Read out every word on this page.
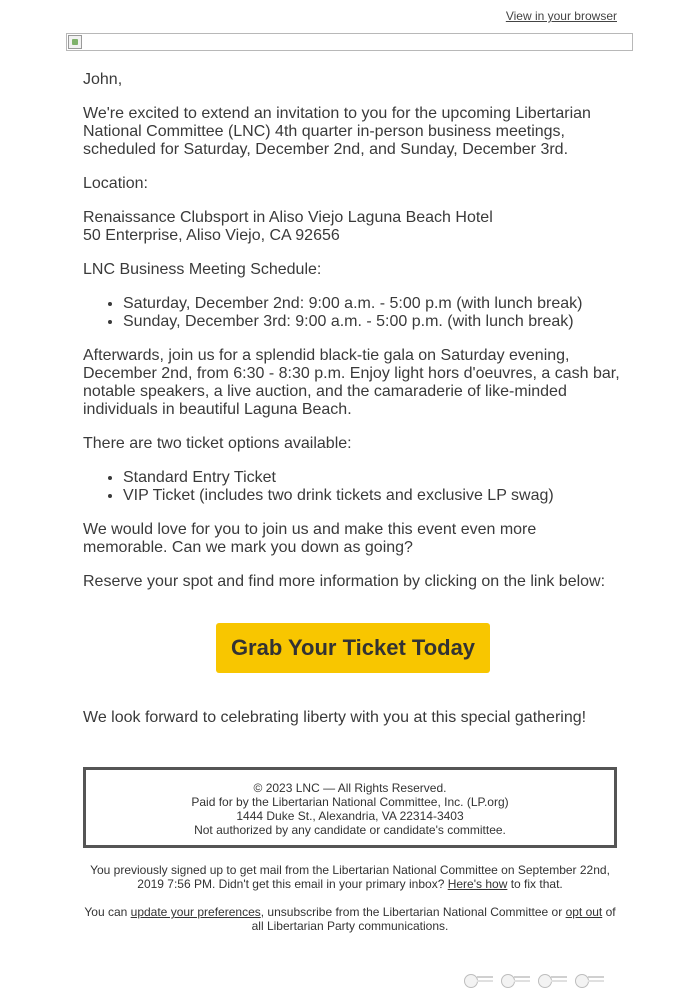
View in your browser

John,

We're excited to extend an invitation to you for the upcoming Libertarian National Committee (LNC) 4th quarter in-person business meetings, scheduled for Saturday, December 2nd, and Sunday, December 3rd.

Location:

Renaissance Clubsport in Aliso Viejo Laguna Beach Hotel
50 Enterprise, Aliso Viejo, CA 92656

LNC Business Meeting Schedule:

• Saturday, December 2nd: 9:00 a.m. - 5:00 p.m (with lunch break)
• Sunday, December 3rd: 9:00 a.m. - 5:00 p.m. (with lunch break)

Afterwards, join us for a splendid black-tie gala on Saturday evening, December 2nd, from 6:30 - 8:30 p.m. Enjoy light hors d'oeuvres, a cash bar, notable speakers, a live auction, and the camaraderie of like-minded individuals in beautiful Laguna Beach.

There are two ticket options available:

• Standard Entry Ticket
• VIP Ticket (includes two drink tickets and exclusive LP swag)

We would love for you to join us and make this event even more memorable. Can we mark you down as going?

Reserve your spot and find more information by clicking on the link below:

Grab Your Ticket Today

We look forward to celebrating liberty with you at this special gathering!

© 2023 LNC — All Rights Reserved.
Paid for by the Libertarian National Committee, Inc. (LP.org)
1444 Duke St., Alexandria, VA 22314-3403
Not authorized by any candidate or candidate's committee.
You previously signed up to get mail from the Libertarian National Committee on September 22nd, 2019 7:56 PM. Didn't get this email in your primary inbox? Here's how to fix that.
You can update your preferences, unsubscribe from the Libertarian National Committee or opt out of all Libertarian Party communications.
